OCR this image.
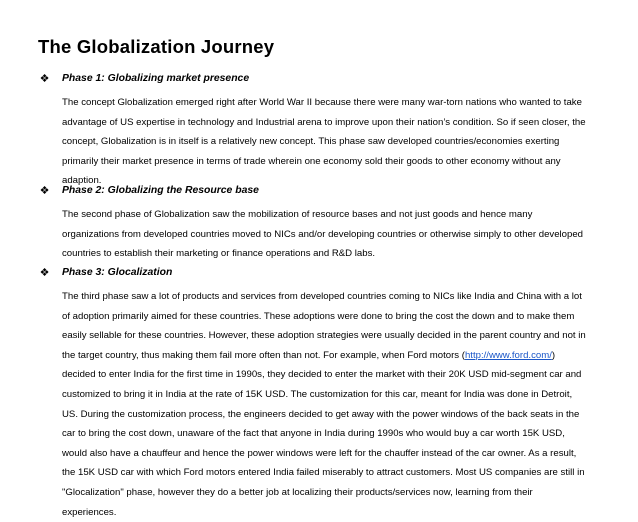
The Globalization Journey
❖ Phase 1: Globalizing market presence
The concept Globalization emerged right after World War II because there were many war-torn nations who wanted to take
advantage of US expertise in technology and Industrial arena to improve upon their nation’s condition. So if seen closer, the
concept, Globalization is in itself is a relatively new concept. This phase saw developed countries/economies exerting
primarily their market presence in terms of trade wherein one economy sold their goods to other economy without any
adaption.
❖ Phase 2: Globalizing the Resource base
The second phase of Globalization saw the mobilization of resource bases and not just goods and hence many
organizations from developed countries moved to NICs and/or developing countries or otherwise simply to other developed
countries to establish their marketing or finance operations and R&D labs.
❖ Phase 3: Glocalization
The third phase saw a lot of products and services from developed countries coming to NICs like India and China with a lot
of adoption primarily aimed for these countries. These adoptions were done to bring the cost the down and to make them
easily sellable for these countries. However, these adoption strategies were usually decided in the parent country and not in
the target country, thus making them fail more often than not. For example, when Ford motors (http://www.ford.com/)
decided to enter India for the first time in 1990s, they decided to enter the market with their 20K USD mid-segment car and
customized to bring it in India at the rate of 15K USD. The customization for this car, meant for India was done in Detroit,
US. During the customization process, the engineers decided to get away with the power windows of the back seats in the
car to bring the cost down, unaware of the fact that anyone in India during 1990s who would buy a car worth 15K USD,
would also have a chauffeur and hence the power windows were left for the chauffer instead of the car owner. As a result,
the 15K USD car with which Ford motors entered India failed miserably to attract customers. Most US companies are still in
"Glocalization" phase, however they do a better job at localizing their products/services now, learning from their
experiences.
